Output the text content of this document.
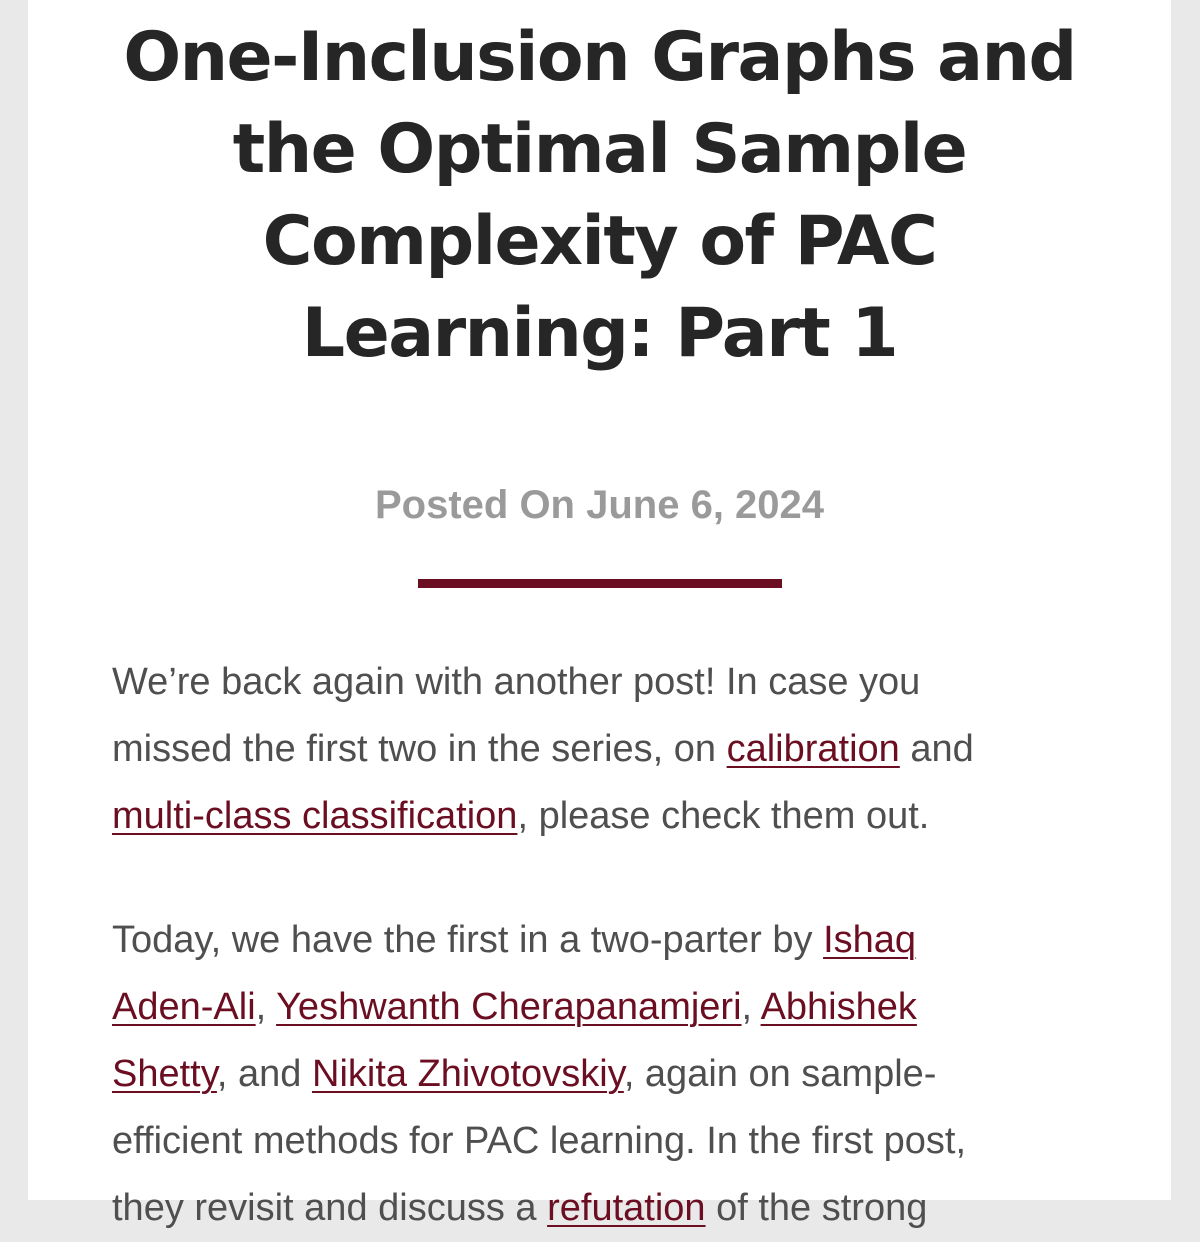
One-Inclusion Graphs and
the Optimal Sample
Complexity of PAC
Learning: Part 1
Posted On June 6, 2024
We’re back again with another post! In case you
missed the first two in the series, on calibration and
multi-class classification, please check them out.
Today, we have the first in a two-parter by Ishaq
Aden-Ali, Yeshwanth Cherapanamjeri, Abhishek
Shetty, and Nikita Zhivotovskiy, again on sample-
efficient methods for PAC learning. In the first post,
they revisit and discuss a refutation of the strong
